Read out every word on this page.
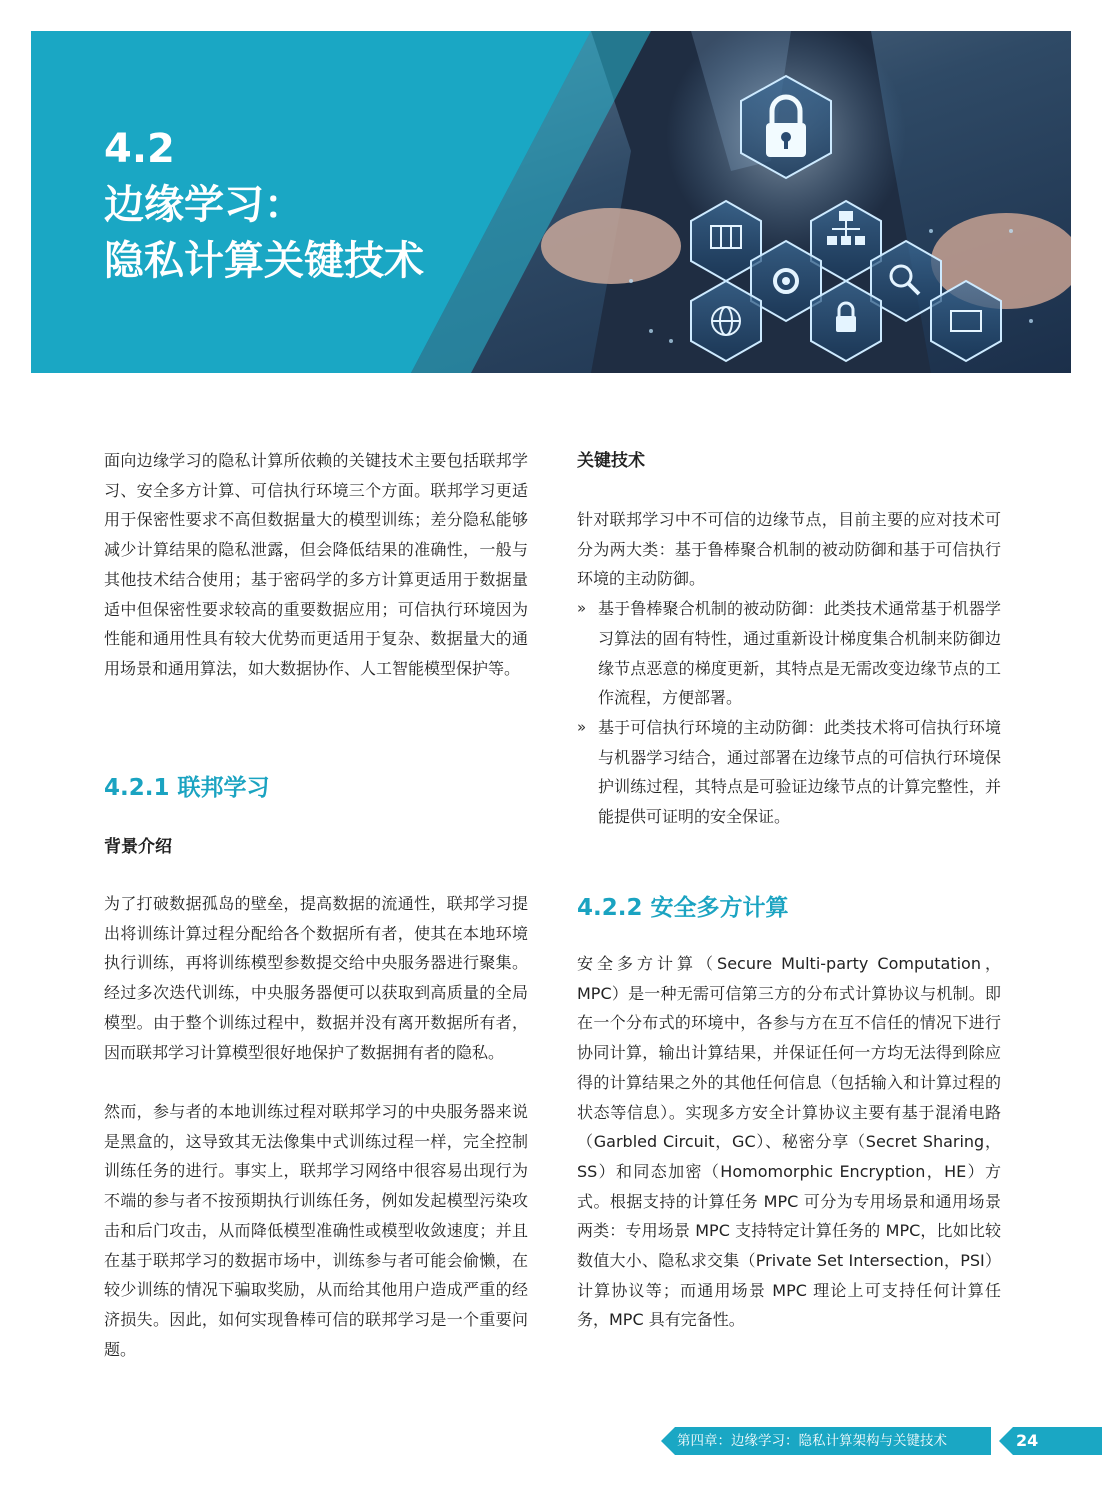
4.2
边缘学习：
隐私计算关键技术

面向边缘学习的隐私计算所依赖的关键技术主要包括联邦学习、安全多方计算、可信执行环境三个方面。联邦学习更适用于保密性要求不高但数据量大的模型训练；差分隐私能够减少计算结果的隐私泄露，但会降低结果的准确性，一般与其他技术结合使用；基于密码学的多方计算更适用于数据量适中但保密性要求较高的重要数据应用；可信执行环境因为性能和通用性具有较大优势而更适用于复杂、数据量大的通用场景和通用算法，如大数据协作、人工智能模型保护等。

4.2.1 联邦学习
背景介绍

为了打破数据孤岛的壁垒，提高数据的流通性，联邦学习提出将训练计算过程分配给各个数据所有者，使其在本地环境执行训练，再将训练模型参数提交给中央服务器进行聚集。经过多次迭代训练，中央服务器便可以获取到高质量的全局模型。由于整个训练过程中，数据并没有离开数据所有者，因而联邦学习计算模型很好地保护了数据拥有者的隐私。

然而，参与者的本地训练过程对联邦学习的中央服务器来说是黑盒的，这导致其无法像集中式训练过程一样，完全控制训练任务的进行。事实上，联邦学习网络中很容易出现行为不端的参与者不按预期执行训练任务，例如发起模型污染攻击和后门攻击，从而降低模型准确性或模型收敛速度；并且在基于联邦学习的数据市场中，训练参与者可能会偷懒，在较少训练的情况下骗取奖励，从而给其他用户造成严重的经济损失。因此，如何实现鲁棒可信的联邦学习是一个重要问题。

关键技术

针对联邦学习中不可信的边缘节点，目前主要的应对技术可分为两大类：基于鲁棒聚合机制的被动防御和基于可信执行环境的主动防御。

» 基于鲁棒聚合机制的被动防御：此类技术通常基于机器学习算法的固有特性，通过重新设计梯度集合机制来防御边缘节点恶意的梯度更新，其特点是无需改变边缘节点的工作流程，方便部署。
» 基于可信执行环境的主动防御：此类技术将可信执行环境与机器学习结合，通过部署在边缘节点的可信执行环境保护训练过程，其特点是可验证边缘节点的计算完整性，并能提供可证明的安全保证。
4.2.2 安全多方计算

安全多方计算（Secure Multi-party Computation，MPC）是一种无需可信第三方的分布式计算协议与机制。即在一个分布式的环境中，各参与方在互不信任的情况下进行协同计算，输出计算结果，并保证任何一方均无法得到除应得的计算结果之外的其他任何信息（包括输入和计算过程的状态等信息）。实现多方安全计算协议主要有基于混淆电路（Garbled Circuit，GC）、秘密分享（Secret Sharing，SS）和同态加密（Homomorphic Encryption，HE）方式。根据支持的计算任务 MPC 可分为专用场景和通用场景两类：专用场景 MPC 支持特定计算任务的 MPC，比如比较数值大小、隐私求交集（Private Set Intersection，PSI）计算协议等；而通用场景 MPC 理论上可支持任何计算任务，MPC 具有完备性。

第四章：边缘学习：隐私计算架构与关键技术	24
